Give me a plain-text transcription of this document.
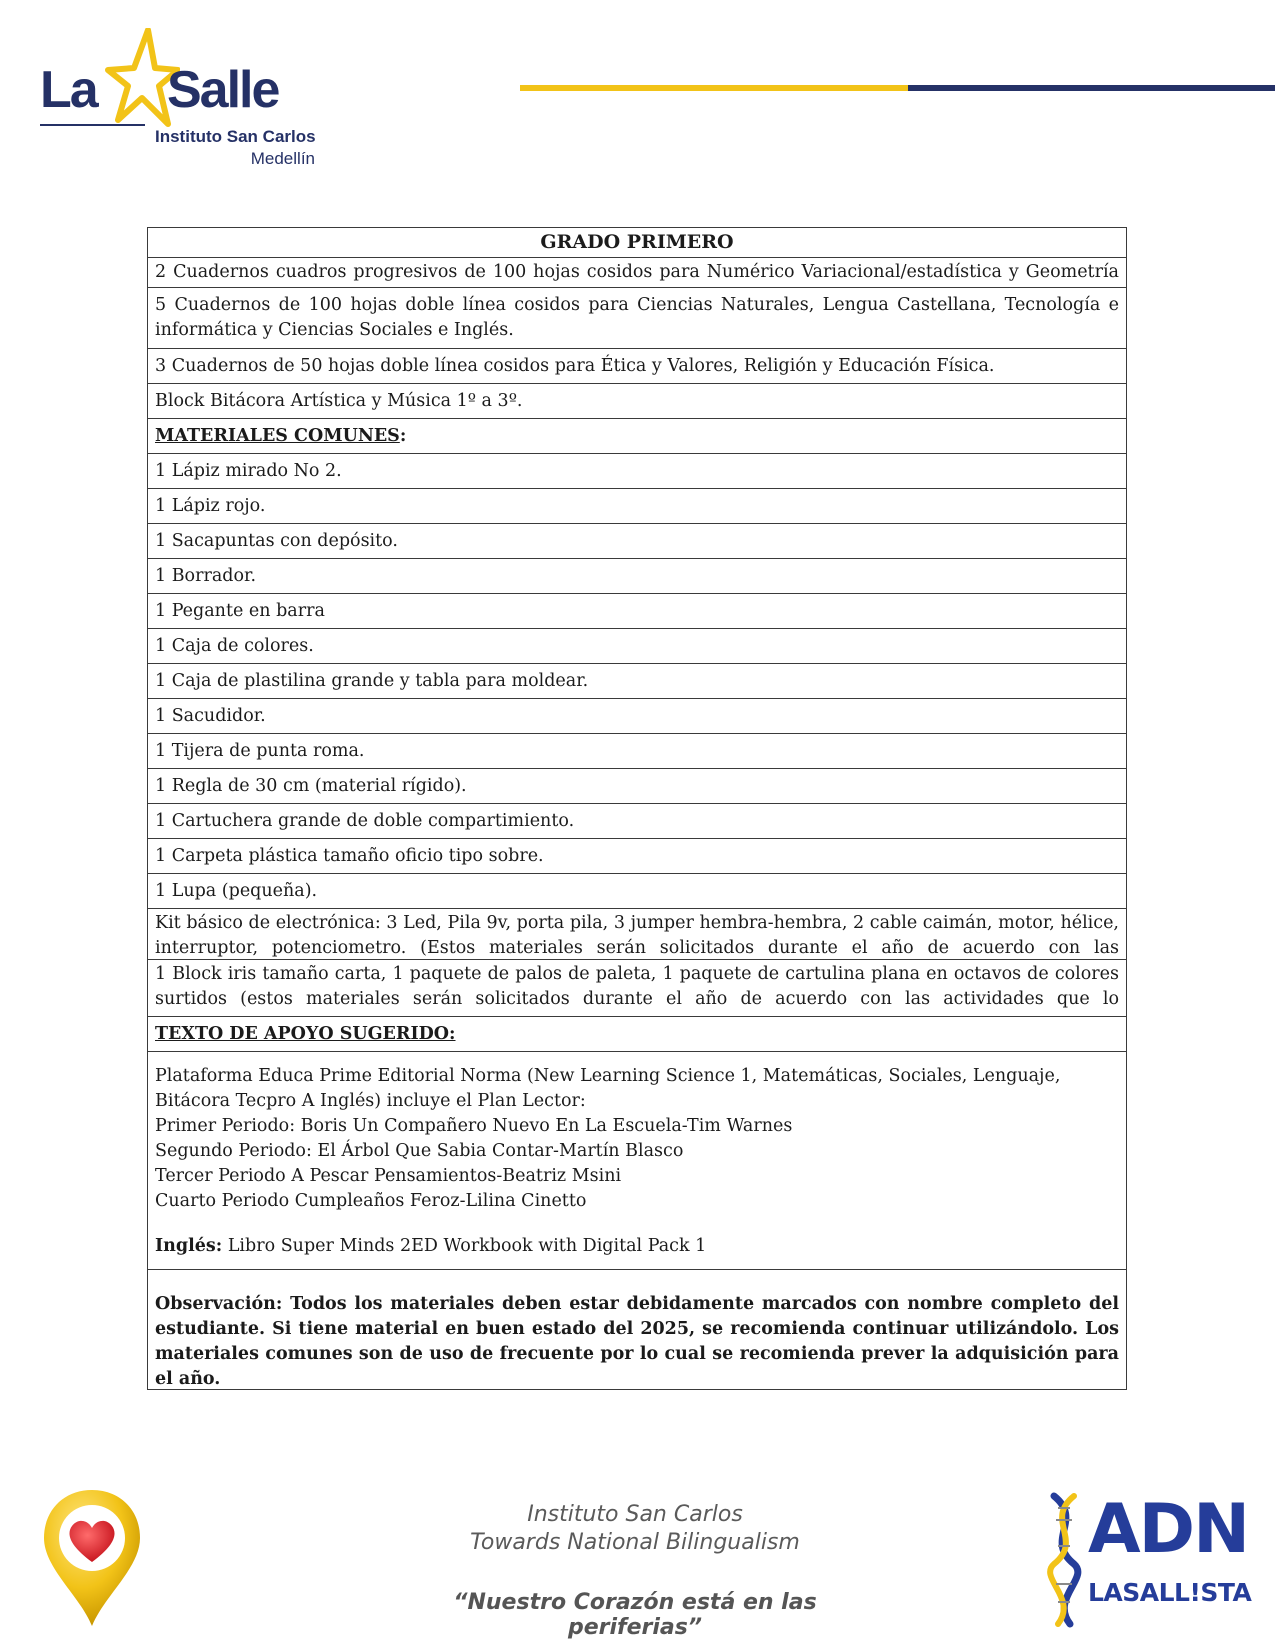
La Salle
Instituto San Carlos
Medellín
GRADO PRIMERO
2 Cuadernos cuadros progresivos de 100 hojas cosidos para Numérico Variacional/estadística y Geometría
5 Cuadernos de 100 hojas doble línea cosidos para Ciencias Naturales, Lengua Castellana, Tecnología e informática y Ciencias Sociales e Inglés.
3 Cuadernos de 50 hojas doble línea cosidos para Ética y Valores, Religión y Educación Física.
Block Bitácora Artística y Música 1º a 3º.
MATERIALES COMUNES:
1 Lápiz mirado No 2.
1 Lápiz rojo.
1 Sacapuntas con depósito.
1 Borrador.
1 Pegante en barra
1 Caja de colores.
1 Caja de plastilina grande y tabla para moldear.
1 Sacudidor.
1 Tijera de punta roma.
1 Regla de 30 cm (material rígido).
1 Cartuchera grande de doble compartimiento.
1 Carpeta plástica tamaño oficio tipo sobre.
1 Lupa (pequeña).
Kit básico de electrónica: 3 Led, Pila 9v, porta pila, 3 jumper hembra-hembra, 2 cable caimán, motor, hélice, interruptor, potenciometro. (Estos materiales serán solicitados durante el año de acuerdo con las
1 Block iris tamaño carta, 1 paquete de palos de paleta, 1 paquete de cartulina plana en octavos de colores surtidos (estos materiales serán solicitados durante el año de acuerdo con las actividades que lo
TEXTO DE APOYO SUGERIDO:
Plataforma Educa Prime Editorial Norma (New Learning Science 1, Matemáticas, Sociales, Lenguaje,
Bitácora Tecpro A Inglés) incluye el Plan Lector:
Primer Periodo: Boris Un Compañero Nuevo En La Escuela-Tim Warnes
Segundo Periodo: El Árbol Que Sabia Contar-Martín Blasco
Tercer Periodo A Pescar Pensamientos-Beatriz Msini
Cuarto Periodo Cumpleaños Feroz-Lilina Cinetto
Inglés: Libro Super Minds 2ED Workbook with Digital Pack 1
Observación: Todos los materiales deben estar debidamente marcados con nombre completo del estudiante. Si tiene material en buen estado del 2025, se recomienda continuar utilizándolo. Los materiales comunes son de uso de frecuente por lo cual se recomienda prever la adquisición para el año.
Instituto San Carlos
Towards National Bilingualism
“Nuestro Corazón está en las periferias”
ADN
LASALL!STA
